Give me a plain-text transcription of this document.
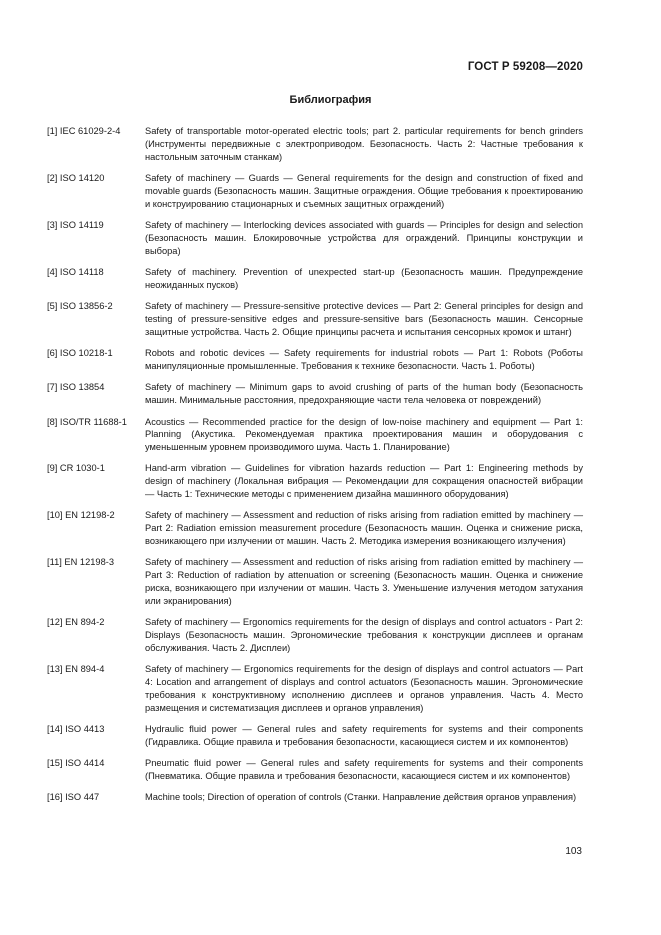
ГОСТ Р 59208—2020
Библиография
[1] IEC 61029-2-4	Safety of transportable motor-operated electric tools; part 2. particular requirements for bench grinders (Инструменты передвижные с электроприводом. Безопасность. Часть 2: Частные требования к настольным заточным станкам)
[2] ISO 14120	Safety of machinery — Guards — General requirements for the design and construction of fixed and movable guards (Безопасность машин. Защитные ограждения. Общие требования к проектированию и конструированию стационарных и съемных защитных ограждений)
[3] ISO 14119	Safety of machinery — Interlocking devices associated with guards — Principles for design and selection (Безопасность машин. Блокировочные устройства для ограждений. Принципы конструкции и выбора)
[4] ISO 14118	Safety of machinery. Prevention of unexpected start-up (Безопасность машин. Предупреждение неожиданных пусков)
[5] ISO 13856-2	Safety of machinery — Pressure-sensitive protective devices — Part 2: General principles for design and testing of pressure-sensitive edges and pressure-sensitive bars (Безопасность машин. Сенсорные защитные устройства. Часть 2. Общие принципы расчета и испытания сенсорных кромок и штанг)
[6] ISO 10218-1	Robots and robotic devices — Safety requirements for industrial robots — Part 1: Robots (Роботы манипуляционные промышленные. Требования к технике безопасности. Часть 1. Роботы)
[7] ISO 13854	Safety of machinery — Minimum gaps to avoid crushing of parts of the human body (Безопасность машин. Минимальные расстояния, предохраняющие части тела человека от повреждений)
[8] ISO/TR 11688-1	Acoustics — Recommended practice for the design of low-noise machinery and equipment — Part 1: Planning (Акустика. Рекомендуемая практика проектирования машин и оборудования с уменьшенным уровнем производимого шума. Часть 1. Планирование)
[9] CR 1030-1	Hand-arm vibration — Guidelines for vibration hazards reduction — Part 1: Engineering methods by design of machinery (Локальная вибрация — Рекомендации для сокращения опасностей вибрации — Часть 1: Технические методы с применением дизайна машинного оборудования)
[10] EN 12198-2	Safety of machinery — Assessment and reduction of risks arising from radiation emitted by machinery — Part 2: Radiation emission measurement procedure (Безопасность машин. Оценка и снижение риска, возникающего при излучении от машин. Часть 2. Методика измерения возникающего излучения)
[11] EN 12198-3	Safety of machinery — Assessment and reduction of risks arising from radiation emitted by machinery — Part 3: Reduction of radiation by attenuation or screening (Безопасность машин. Оценка и снижение риска, возникающего при излучении от машин. Часть 3. Уменьшение излучения методом затухания или экранирования)
[12] EN 894-2	Safety of machinery — Ergonomics requirements for the design of displays and control actuators - Part 2: Displays (Безопасность машин. Эргономические требования к конструкции дисплеев и органам обслуживания. Часть 2. Дисплеи)
[13] EN 894-4	Safety of machinery — Ergonomics requirements for the design of displays and control actuators — Part 4: Location and arrangement of displays and control actuators (Безопасность машин. Эргономические требования к конструктивному исполнению дисплеев и органов управления. Часть 4. Место размещения и систематизация дисплеев и органов управления)
[14] ISO 4413	Hydraulic fluid power — General rules and safety requirements for systems and their components (Гидравлика. Общие правила и требования безопасности, касающиеся систем и их компонентов)
[15] ISO 4414	Pneumatic fluid power — General rules and safety requirements for systems and their components (Пневматика. Общие правила и требования безопасности, касающиеся систем и их компонентов)
[16] ISO 447	Machine tools; Direction of operation of controls (Станки. Направление действия органов управления)
103
